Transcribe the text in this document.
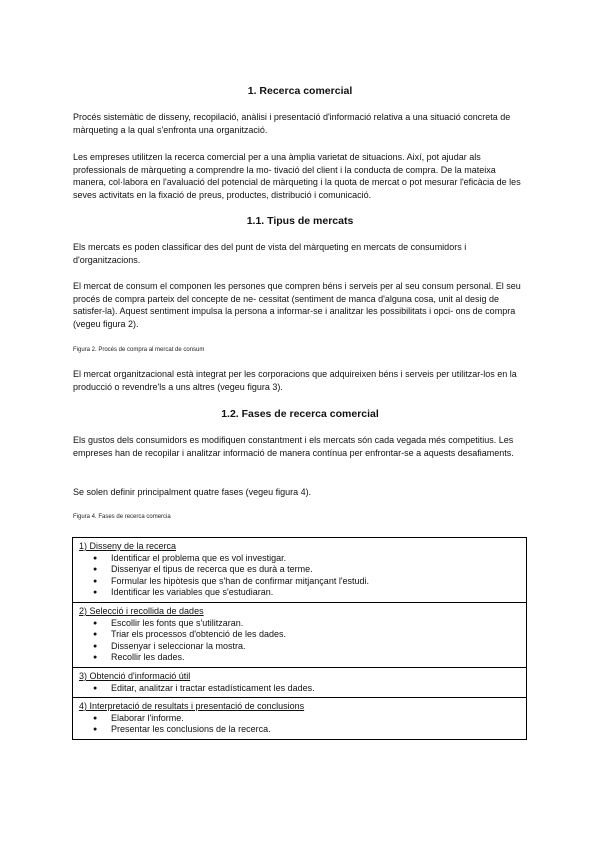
1. Recerca comercial

Procés sistemàtic de disseny, recopilació, anàlisi i presentació d'informació relativa a una situació concreta de màrqueting a la qual s'enfronta una organització.

Les empreses utilitzen la recerca comercial per a una àmplia varietat de situacions. Així, pot ajudar als professionals de màrqueting a comprendre la mo- tivació del client i la conducta de compra. De la mateixa manera, col·labora en l'avaluació del potencial de màrqueting i la quota de mercat o pot mesurar l'eficàcia de les seves activitats en la fixació de preus, productes, distribució i comunicació.

1.1. Tipus de mercats

Els mercats es poden classificar des del punt de vista del màrqueting en mercats de consumidors i d'organitzacions.

El mercat de consum el componen les persones que compren béns i serveis per al seu consum personal. El seu procés de compra parteix del concepte de ne- cessitat (sentiment de manca d'alguna cosa, unit al desig de satisfer-la). Aquest sentiment impulsa la persona a informar-se i analitzar les possibilitats i opci- ons de compra (vegeu figura 2).

Figura 2. Procés de compra al mercat de consum

El mercat organitzacional està integrat per les corporacions que adquireixen béns i serveis per utilitzar-los en la producció o revendre'ls a uns altres (vegeu figura 3).

1.2. Fases de recerca comercial

Els gustos dels consumidors es modifiquen constantment i els mercats són cada vegada més competitius. Les empreses han de recopilar i analitzar informació de manera contínua per enfrontar-se a aquests desafiaments.

Se solen definir principalment quatre fases (vegeu figura 4).

Figura 4. Fases de recerca comercia
1) Disseny de la recerca
● Identificar el problema que es vol investigar.
● Dissenyar el tipus de recerca que es durà a terme.
● Formular les hipòtesis que s'han de confirmar mitjançant l'estudi.
● Identificar les variables que s'estudiaran.

2) Selecció i recollida de dades
● Escollir les fonts que s'utilitzaran.
● Triar els processos d'obtenció de les dades.
● Dissenyar i seleccionar la mostra.
● Recollir les dades.

3) Obtenció d'informació útil
● Editar, analitzar i tractar estadísticament les dades.

4) Interpretació de resultats i presentació de conclusions
● Elaborar l'informe.
● Presentar les conclusions de la recerca.
